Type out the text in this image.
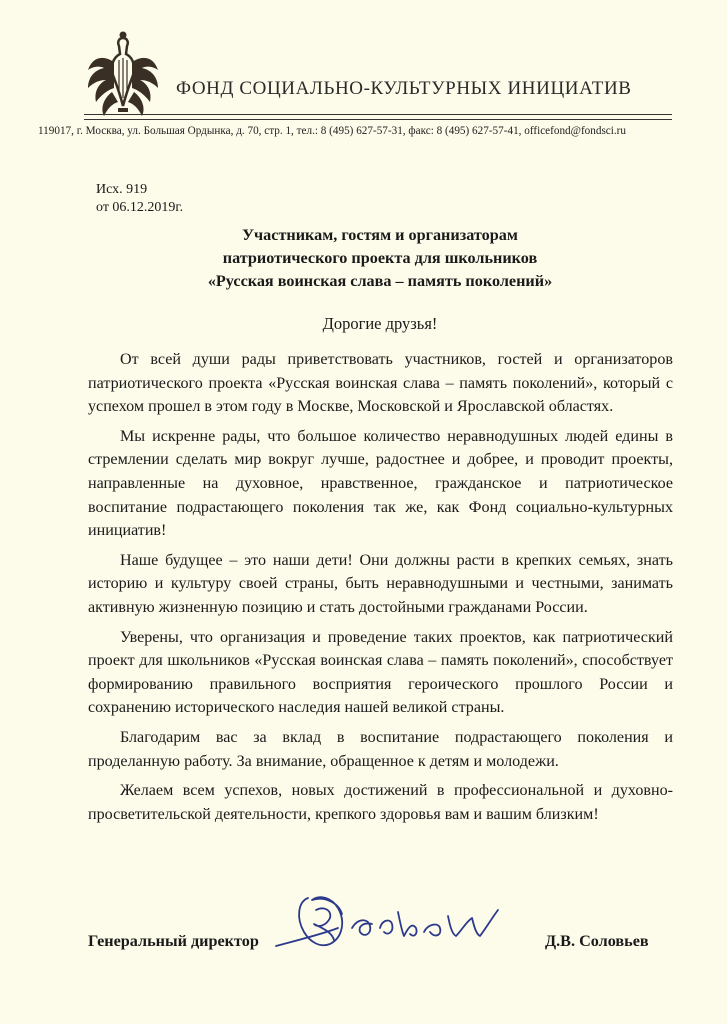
ФОНД СОЦИАЛЬНО-КУЛЬТУРНЫХ ИНИЦИАТИВ
119017, г. Москва, ул. Большая Ордынка, д. 70, стр. 1, тел.: 8 (495) 627-57-31, факс: 8 (495) 627-57-41, officefond@fondsci.ru
Исх. 919
от 06.12.2019г.
Участникам, гостям и организаторам
патриотического проекта для школьников
«Русская воинская слава – память поколений»
Дорогие друзья!

От всей души рады приветствовать участников, гостей и организаторов патриотического проекта «Русская воинская слава – память поколений», который с успехом прошел в этом году в Москве, Московской и Ярославской областях.

Мы искренне рады, что большое количество неравнодушных людей едины в стремлении сделать мир вокруг лучше, радостнее и добрее, и проводит проекты, направленные на духовное, нравственное, гражданское и патриотическое воспитание подрастающего поколения так же, как Фонд социально-культурных инициатив!

Наше будущее – это наши дети! Они должны расти в крепких семьях, знать историю и культуру своей страны, быть неравнодушными и честными, занимать активную жизненную позицию и стать достойными гражданами России.

Уверены, что организация и проведение таких проектов, как патриотический проект для школьников «Русская воинская слава – память поколений», способствует формированию правильного восприятия героического прошлого России и сохранению исторического наследия нашей великой страны.

Благодарим вас за вклад в воспитание подрастающего поколения и проделанную работу. За внимание, обращенное к детям и молодежи.

Желаем всем успехов, новых достижений в профессиональной и духовно-просветительской деятельности, крепкого здоровья вам и вашим близким!

Генеральный директор	Д.В. Соловьев
